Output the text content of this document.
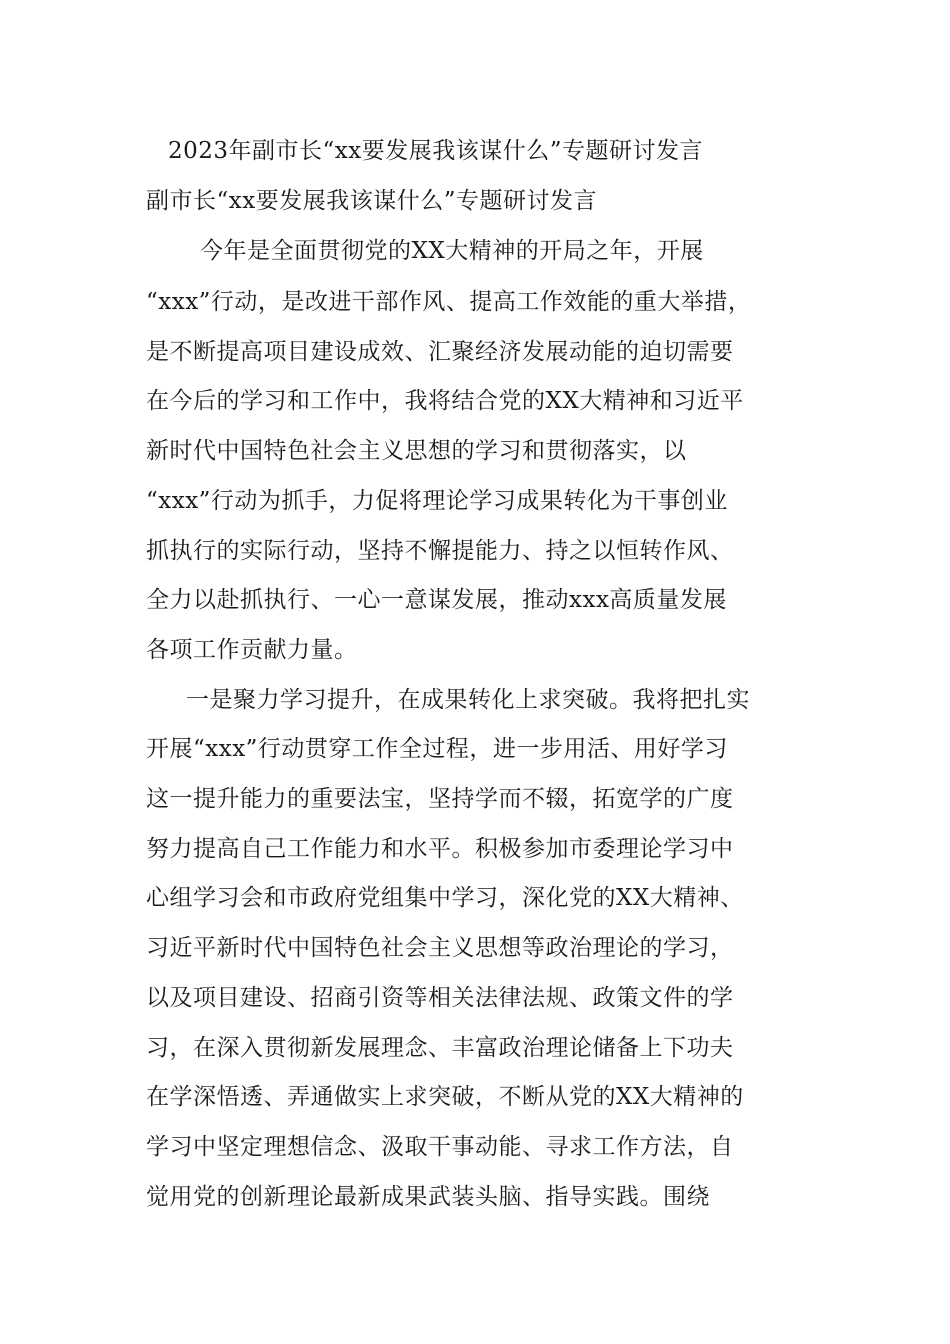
2023年副市长“xx要发展我该谋什么”专题研讨发言
副市长“xx要发展我该谋什么”专题研讨发言
今年是全面贯彻党的XX大精神的开局之年，开展
“xxx”行动，是改进干部作风、提高工作效能的重大举措，
是不断提高项目建设成效、汇聚经济发展动能的迫切需要
在今后的学习和工作中，我将结合党的XX大精神和习近平
新时代中国特色社会主义思想的学习和贯彻落实，以
“xxx”行动为抓手，力促将理论学习成果转化为干事创业
抓执行的实际行动，坚持不懈提能力、持之以恒转作风、
全力以赴抓执行、一心一意谋发展，推动xxx高质量发展
各项工作贡献力量。
一是聚力学习提升，在成果转化上求突破。我将把扎实
开展“xxx”行动贯穿工作全过程，进一步用活、用好学习
这一提升能力的重要法宝，坚持学而不辍，拓宽学的广度
努力提高自己工作能力和水平。积极参加市委理论学习中
心组学习会和市政府党组集中学习，深化党的XX大精神、
习近平新时代中国特色社会主义思想等政治理论的学习，
以及项目建设、招商引资等相关法律法规、政策文件的学
习，在深入贯彻新发展理念、丰富政治理论储备上下功夫
在学深悟透、弄通做实上求突破，不断从党的XX大精神的
学习中坚定理想信念、汲取干事动能、寻求工作方法，自
觉用党的创新理论最新成果武装头脑、指导实践。围绕
